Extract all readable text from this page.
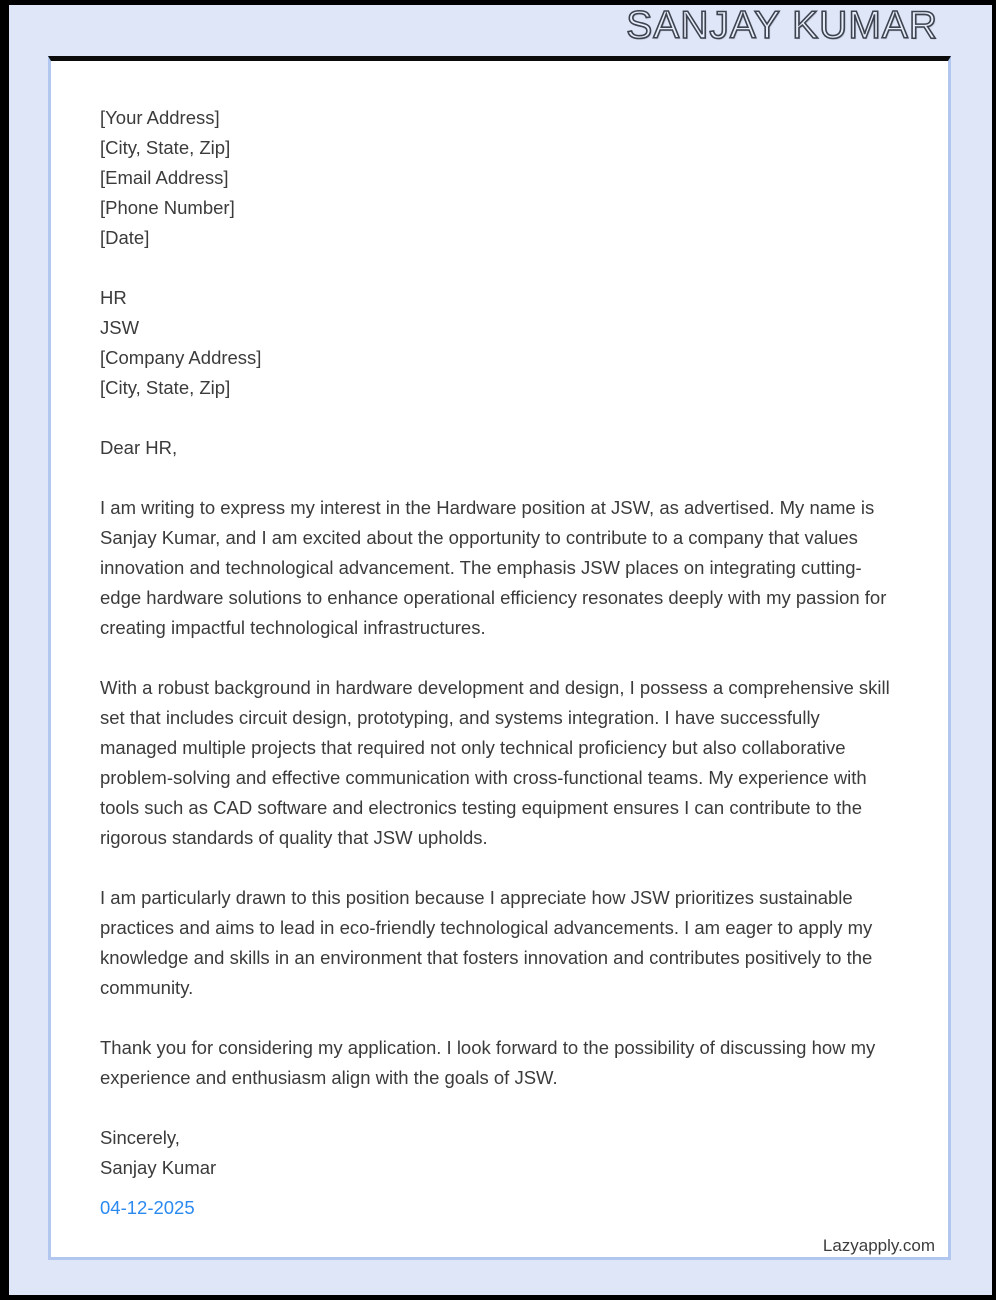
SANJAY KUMAR
[Your Address]
[City, State, Zip]
[Email Address]
[Phone Number]
[Date]
HR
JSW
[Company Address]
[City, State, Zip]
Dear HR,

I am writing to express my interest in the Hardware position at JSW, as advertised. My name is Sanjay Kumar, and I am excited about the opportunity to contribute to a company that values innovation and technological advancement. The emphasis JSW places on integrating cutting-edge hardware solutions to enhance operational efficiency resonates deeply with my passion for creating impactful technological infrastructures.

With a robust background in hardware development and design, I possess a comprehensive skill set that includes circuit design, prototyping, and systems integration. I have successfully managed multiple projects that required not only technical proficiency but also collaborative problem-solving and effective communication with cross-functional teams. My experience with tools such as CAD software and electronics testing equipment ensures I can contribute to the rigorous standards of quality that JSW upholds.

I am particularly drawn to this position because I appreciate how JSW prioritizes sustainable practices and aims to lead in eco-friendly technological advancements. I am eager to apply my knowledge and skills in an environment that fosters innovation and contributes positively to the community.

Thank you for considering my application. I look forward to the possibility of discussing how my experience and enthusiasm align with the goals of JSW.

Sincerely,
Sanjay Kumar
04-12-2025
Lazyapply.com
